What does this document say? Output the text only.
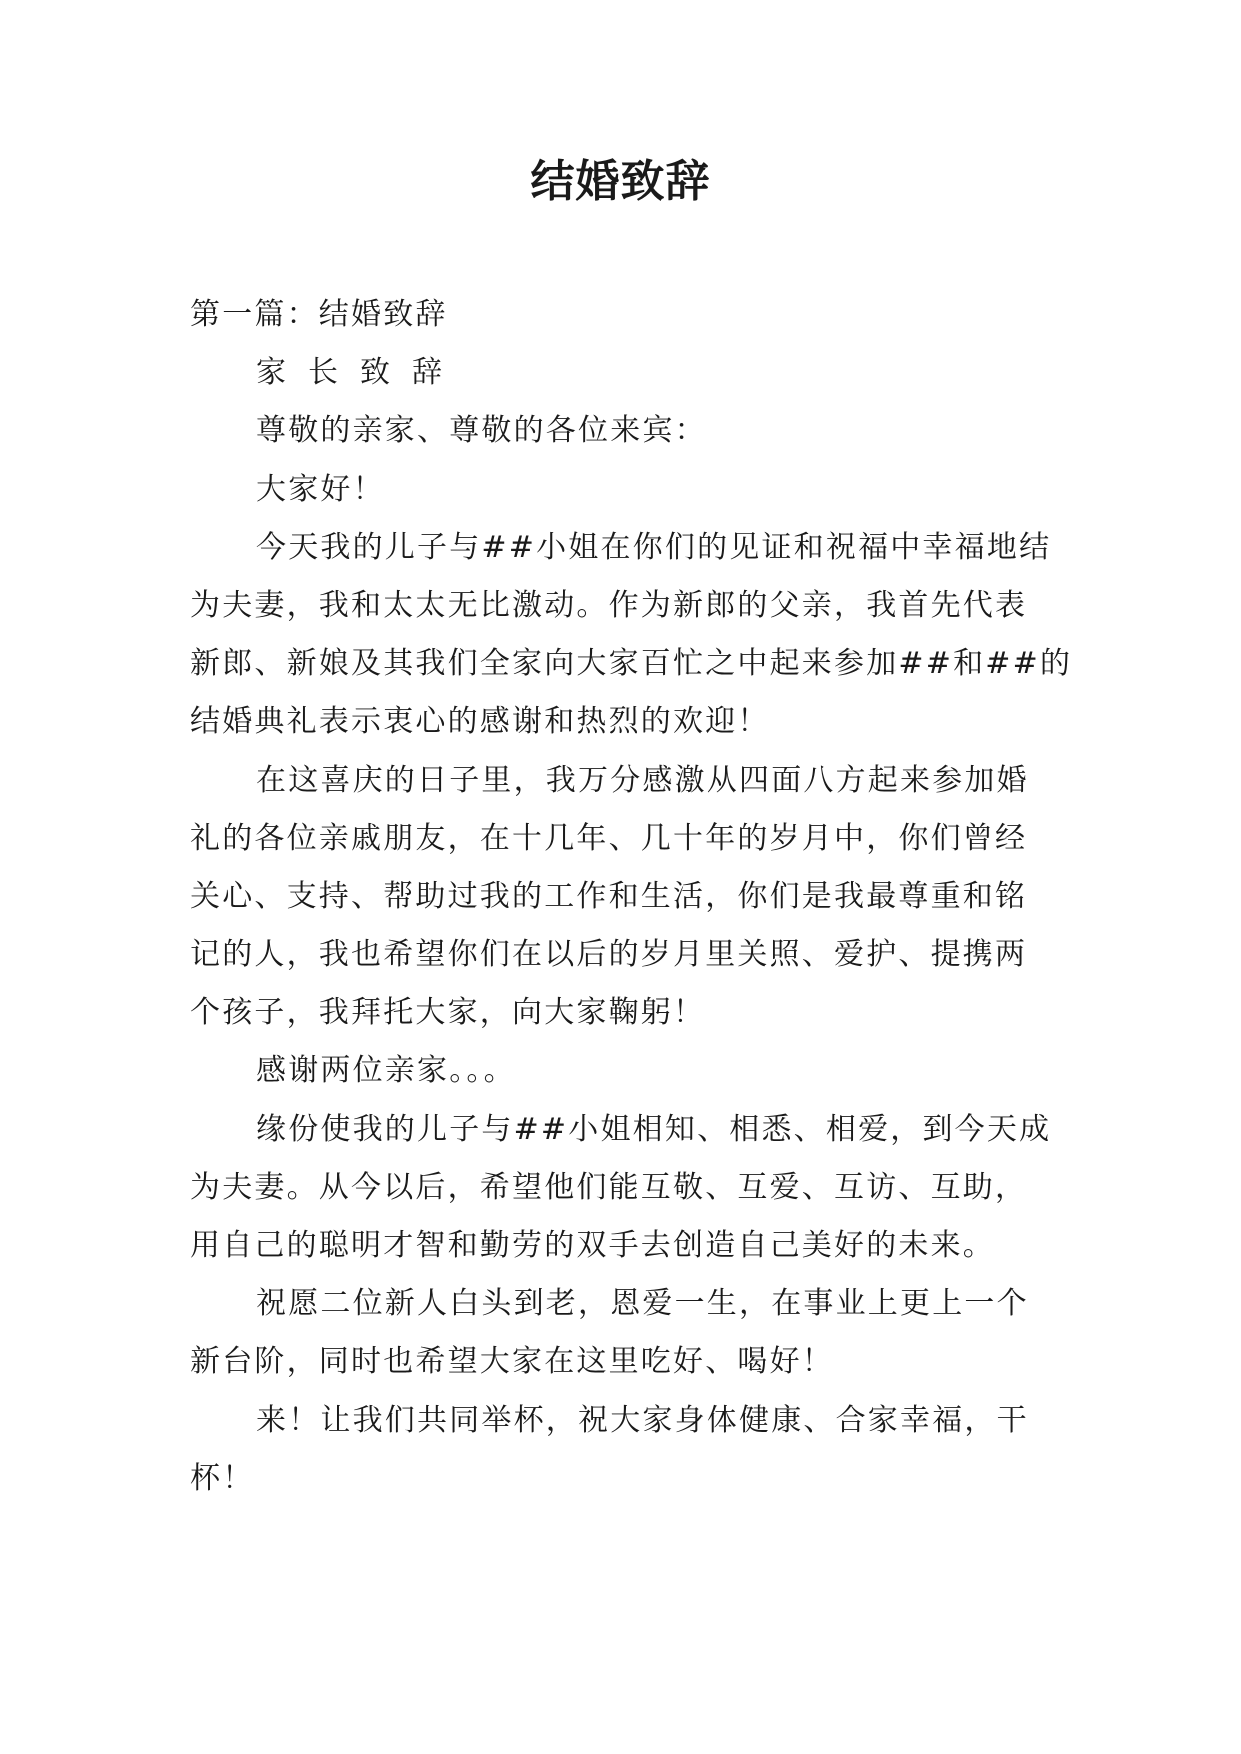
结婚致辞
第一篇：结婚致辞
家长致辞
尊敬的亲家、尊敬的各位来宾：
大家好！
今天我的儿子与##小姐在你们的见证和祝福中幸福地结
为夫妻，我和太太无比激动。作为新郎的父亲，我首先代表
新郎、新娘及其我们全家向大家百忙之中起来参加##和##的
结婚典礼表示衷心的感谢和热烈的欢迎！
在这喜庆的日子里，我万分感激从四面八方起来参加婚
礼的各位亲戚朋友，在十几年、几十年的岁月中，你们曾经
关心、支持、帮助过我的工作和生活，你们是我最尊重和铭
记的人，我也希望你们在以后的岁月里关照、爱护、提携两
个孩子，我拜托大家，向大家鞠躬！
感谢两位亲家。。。
缘份使我的儿子与##小姐相知、相悉、相爱，到今天成
为夫妻。从今以后，希望他们能互敬、互爱、互访、互助，
用自己的聪明才智和勤劳的双手去创造自己美好的未来。
祝愿二位新人白头到老，恩爱一生，在事业上更上一个
新台阶，同时也希望大家在这里吃好、喝好！
来！让我们共同举杯，祝大家身体健康、合家幸福，干
杯！
